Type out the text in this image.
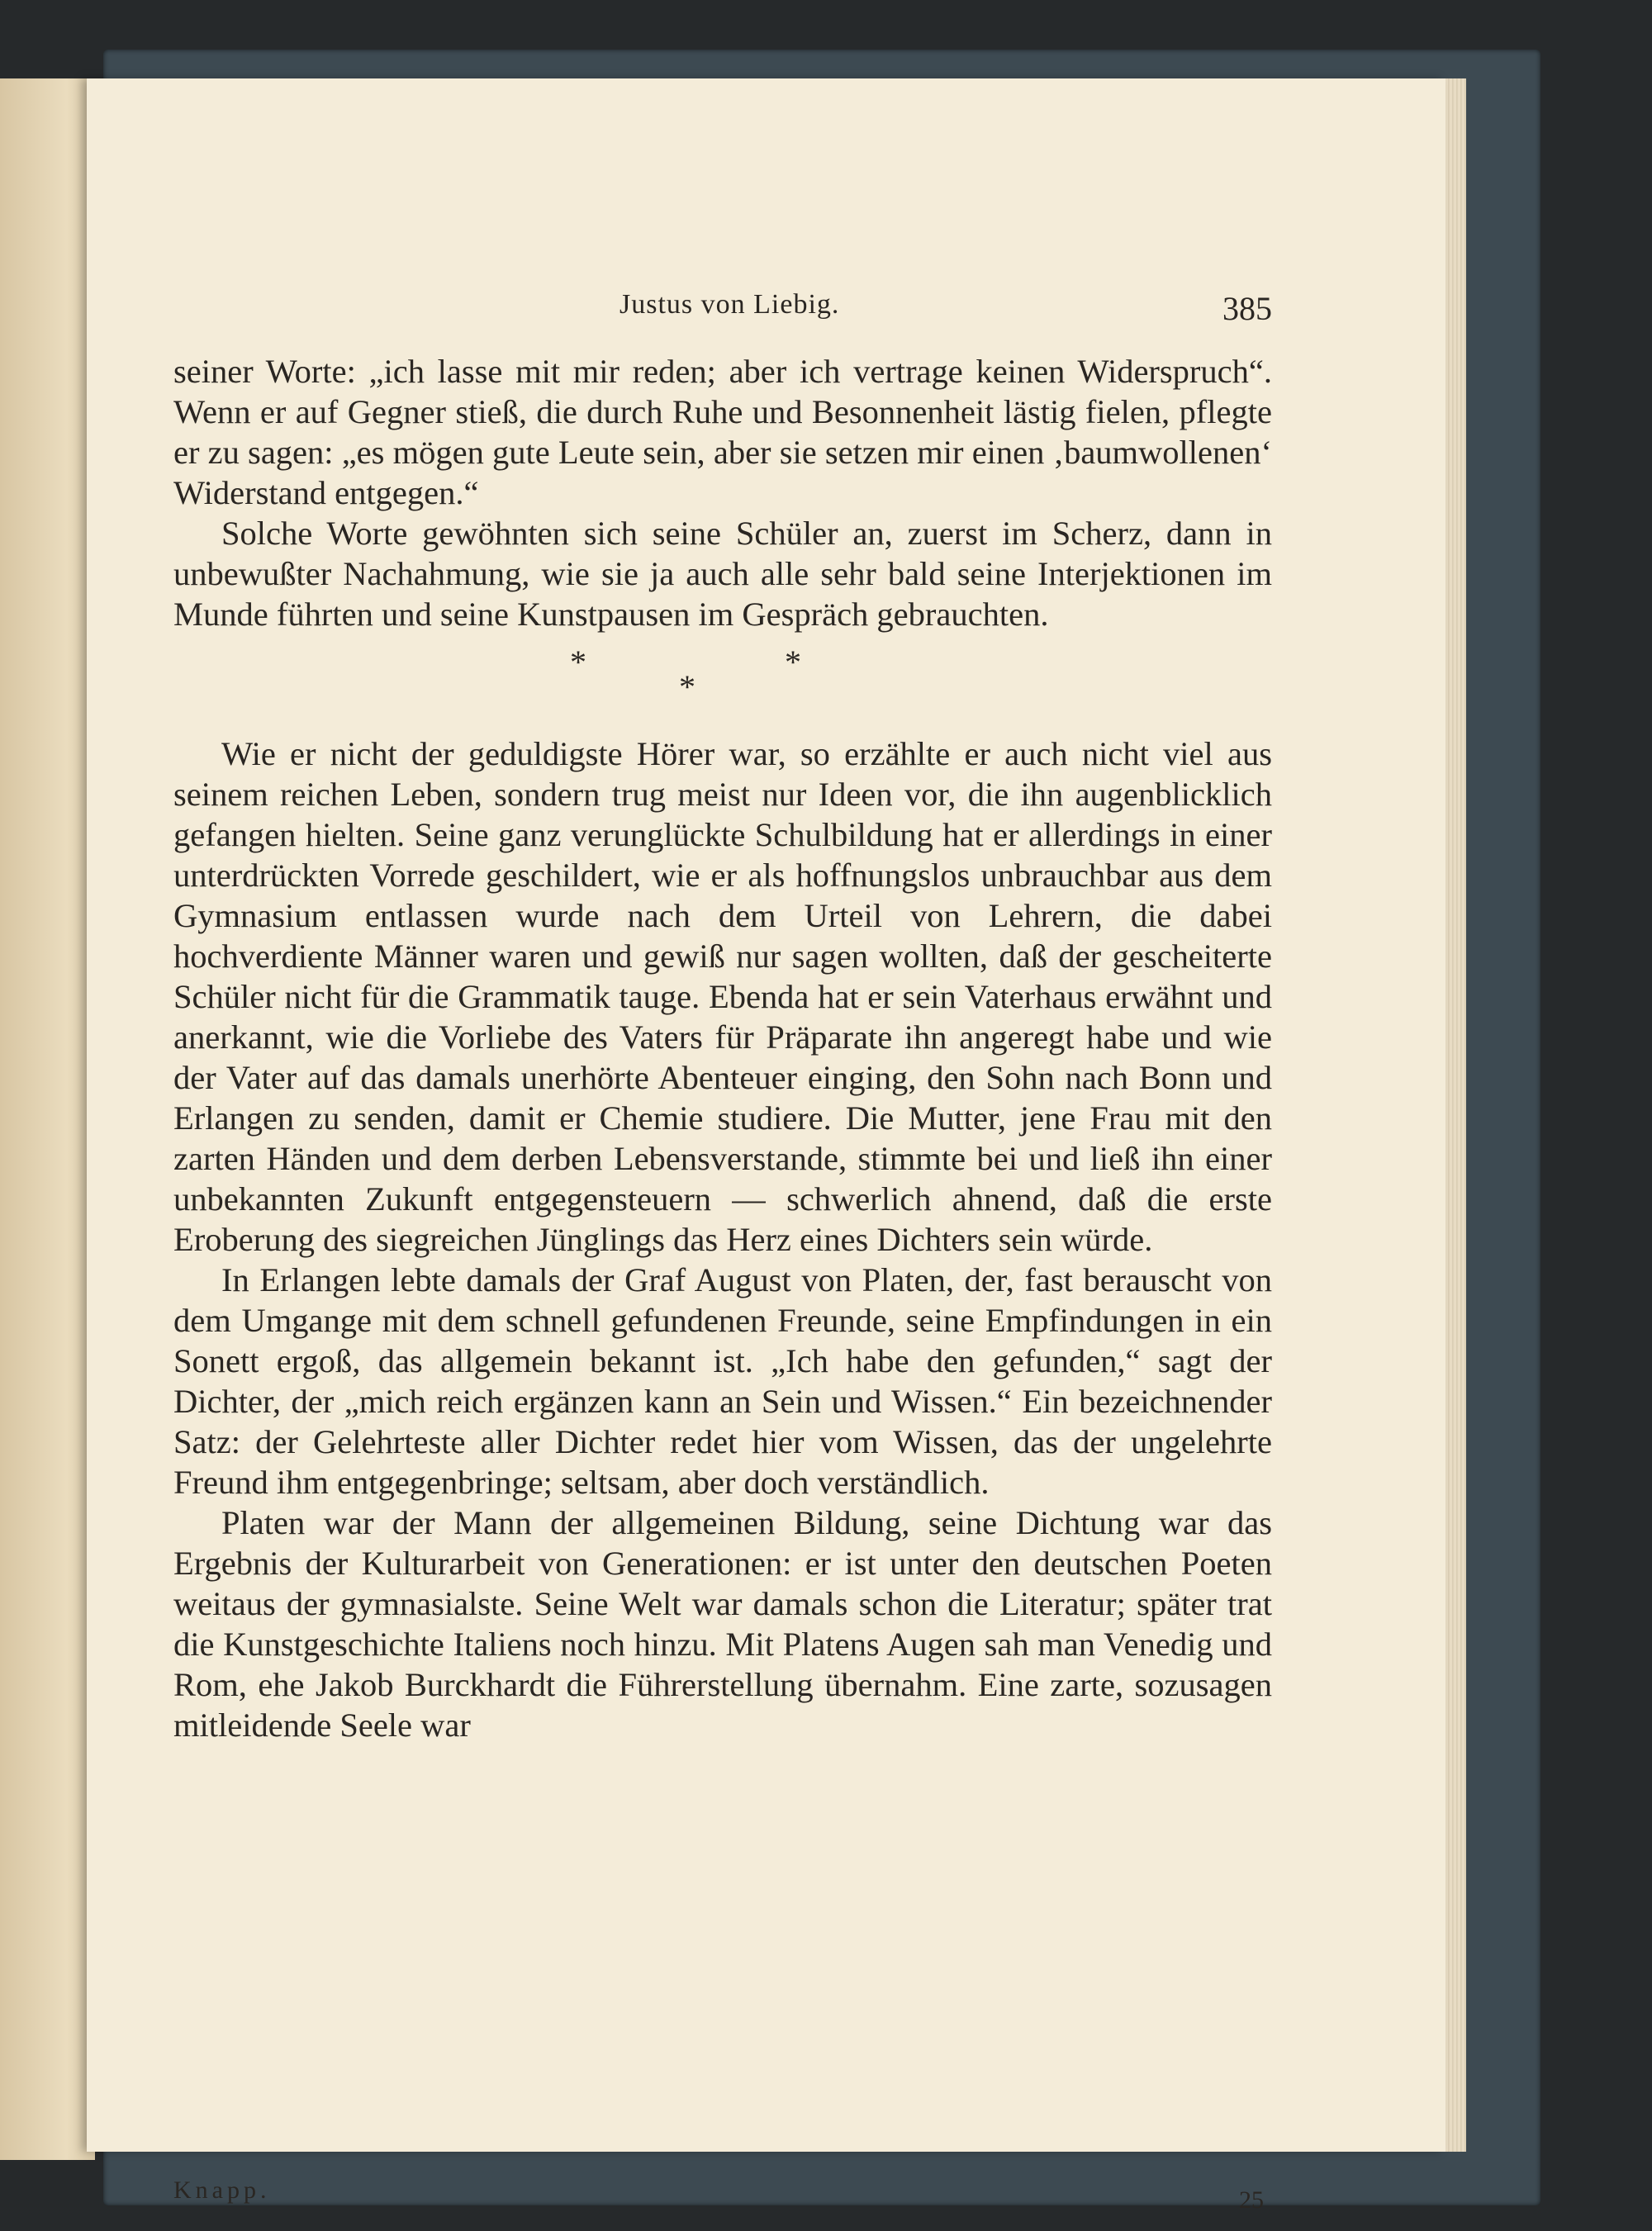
Justus von Liebig.	385

seiner Worte: „ich lasse mit mir reden; aber ich vertrage keinen Widerspruch“. Wenn er auf Gegner stieß, die durch Ruhe und Besonnenheit lästig fielen, pflegte er zu sagen: „es mögen gute Leute sein, aber sie setzen mir einen ‚baumwollenen‘ Widerstand entgegen.“

Solche Worte gewöhnten sich seine Schüler an, zuerst im Scherz, dann in unbewußter Nachahmung, wie sie ja auch alle sehr bald seine Interjektionen im Munde führten und seine Kunstpausen im Gespräch gebrauchten.

*
*
*

Wie er nicht der geduldigste Hörer war, so erzählte er auch nicht viel aus seinem reichen Leben, sondern trug meist nur Ideen vor, die ihn augenblicklich gefangen hielten. Seine ganz verunglückte Schulbildung hat er allerdings in einer unterdrückten Vorrede geschildert, wie er als hoffnungslos unbrauchbar aus dem Gymnasium entlassen wurde nach dem Urteil von Lehrern, die dabei hochverdiente Männer waren und gewiß nur sagen wollten, daß der gescheiterte Schüler nicht für die Grammatik tauge. Ebenda hat er sein Vaterhaus erwähnt und anerkannt, wie die Vorliebe des Vaters für Präparate ihn angeregt habe und wie der Vater auf das damals unerhörte Abenteuer einging, den Sohn nach Bonn und Erlangen zu senden, damit er Chemie studiere. Die Mutter, jene Frau mit den zarten Händen und dem derben Lebensverstande, stimmte bei und ließ ihn einer unbekannten Zukunft entgegensteuern — schwerlich ahnend, daß die erste Eroberung des siegreichen Jünglings das Herz eines Dichters sein würde.

In Erlangen lebte damals der Graf August von Platen, der, fast berauscht von dem Umgange mit dem schnell gefundenen Freunde, seine Empfindungen in ein Sonett ergoß, das allgemein bekannt ist. „Ich habe den gefunden,“ sagt der Dichter, der „mich reich ergänzen kann an Sein und Wissen.“ Ein bezeichnender Satz: der Gelehrteste aller Dichter redet hier vom Wissen, das der ungelehrte Freund ihm entgegenbringe; seltsam, aber doch verständlich.

Platen war der Mann der allgemeinen Bildung, seine Dichtung war das Ergebnis der Kulturarbeit von Generationen: er ist unter den deutschen Poeten weitaus der gymnasialste. Seine Welt war damals schon die Literatur; später trat die Kunstgeschichte Italiens noch hinzu. Mit Platens Augen sah man Venedig und Rom, ehe Jakob Burckhardt die Führerstellung übernahm. Eine zarte, sozusagen mitleidende Seele war

Knapp.	25
